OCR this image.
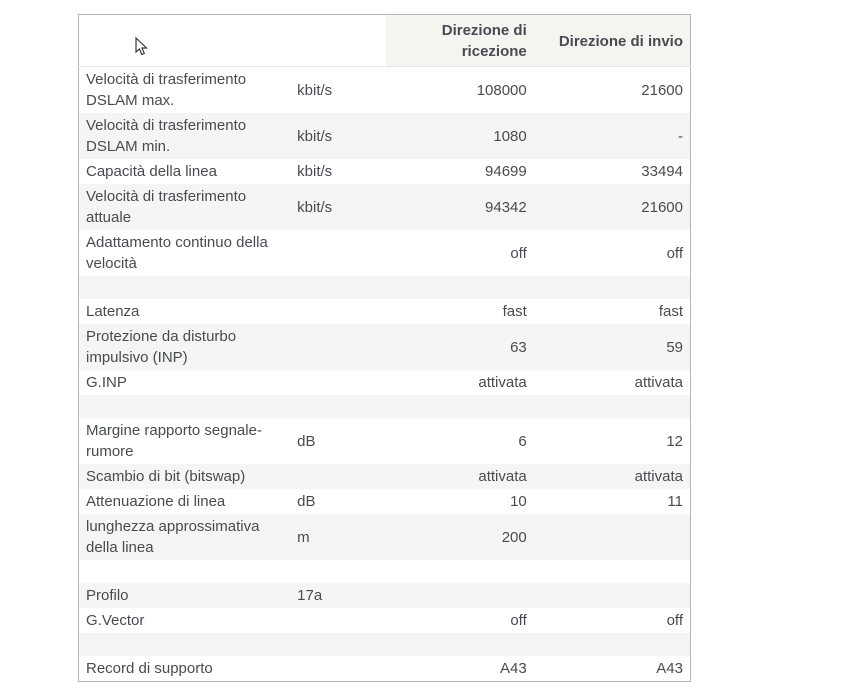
		Direzione di ricezione	Direzione di invio
Velocità di trasferimento DSLAM max.	kbit/s	108000	21600
Velocità di trasferimento DSLAM min.	kbit/s	1080	-
Capacità della linea	kbit/s	94699	33494
Velocità di trasferimento attuale	kbit/s	94342	21600
Adattamento continuo della velocità		off	off

Latenza		fast	fast
Protezione da disturbo impulsivo (INP)		63	59
G.INP		attivata	attivata

Margine rapporto segnale-rumore	dB	6	12
Scambio di bit (bitswap)		attivata	attivata
Attenuazione di linea	dB	10	11
lunghezza approssimativa della linea	m	200	

Profilo	17a		
G.Vector		off	off

Record di supporto		A43	A43
